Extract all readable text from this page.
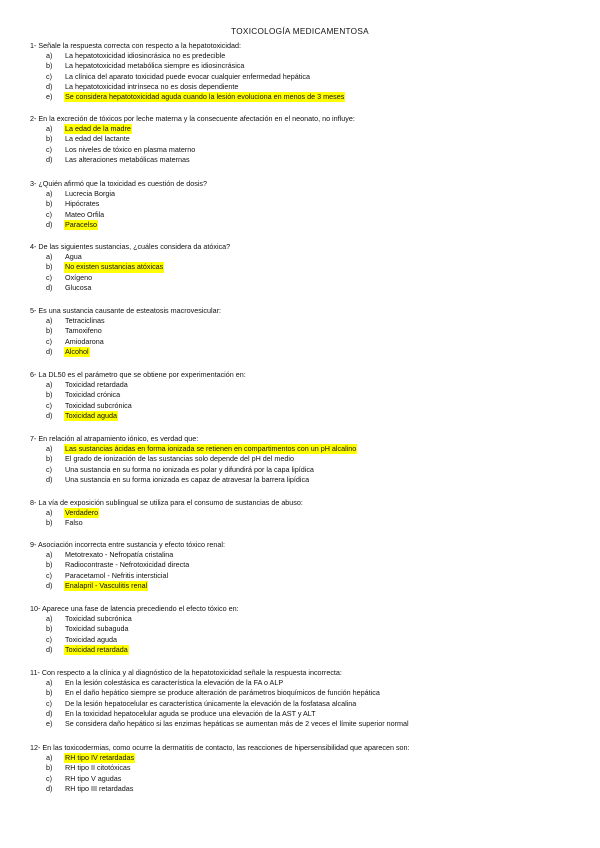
TOXICOLOGÍA MEDICAMENTOSA
1- Señale la respuesta correcta con respecto a la hepatotoxicidad:
a) La hepatotoxicidad idiosincrásica no es predecible
b) La hepatotoxicidad metabólica siempre es idiosincrásica
c) La clínica del aparato toxicidad puede evocar cualquier enfermedad hepática
d) La hepatotoxicidad intrínseca no es dosis dependiente
e) Se considera hepatotoxicidad aguda cuando la lesión evoluciona en menos de 3 meses
2- En la excreción de tóxicos por leche materna y la consecuente afectación en el neonato, no influye:
a) La edad de la madre
b) La edad del lactante
c) Los niveles de tóxico en plasma materno
d) Las alteraciones metabólicas maternas
3- ¿Quién afirmó que la toxicidad es cuestión de dosis?
a) Lucrecia Borgia
b) Hipócrates
c) Mateo Orfila
d) Paracelso
4- De las siguientes sustancias, ¿cuáles considera da atóxica?
a) Agua
b) No existen sustancias atóxicas
c) Oxígeno
d) Glucosa
5- Es una sustancia causante de esteatosis macrovesicular:
a) Tetraciclinas
b) Tamoxifeno
c) Amiodarona
d) Alcohol
6- La DL50 es el parámetro que se obtiene por experimentación en:
a) Toxicidad retardada
b) Toxicidad crónica
c) Toxicidad subcrónica
d) Toxicidad aguda
7- En relación al atrapamiento iónico, es verdad que:
a) Las sustancias ácidas en forma ionizada se retienen en compartimentos con un pH alcalino
b) El grado de ionización de las sustancias solo depende del pH del medio
c) Una sustancia en su forma no ionizada es polar y difundirá por la capa lipídica
d) Una sustancia en su forma ionizada es capaz de atravesar la barrera lipídica
8- La vía de exposición sublingual se utiliza para el consumo de sustancias de abuso:
a) Verdadero
b) Falso
9- Asociación incorrecta entre sustancia y efecto tóxico renal:
a) Metotrexato - Nefropatía cristalina
b) Radiocontraste - Nefrotoxicidad directa
c) Paracetamol - Nefritis intersticial
d) Enalapril - Vasculitis renal
10- Aparece una fase de latencia precediendo el efecto tóxico en:
a) Toxicidad subcrónica
b) Toxicidad subaguda
c) Toxicidad aguda
d) Toxicidad retardada
11- Con respecto a la clínica y al diagnóstico de la hepatotoxicidad señale la respuesta incorrecta:
a) En la lesión colestásica es característica la elevación de la FA o ALP
b) En el daño hepático siempre se produce alteración de parámetros bioquímicos de función hepática
c) De la lesión hepatocelular es característica únicamente la elevación de la fosfatasa alcalina
d) En la toxicidad hepatocelular aguda se produce una elevación de la AST y ALT
e) Se considera daño hepático si las enzimas hepáticas se aumentan más de 2 veces el límite superior normal
12- En las toxicodermias, como ocurre la dermatitis de contacto, las reacciones de hipersensibilidad que aparecen son:
a) RH tipo IV retardadas
b) RH tipo II citotóxicas
c) RH tipo V agudas
d) RH tipo III retardadas
